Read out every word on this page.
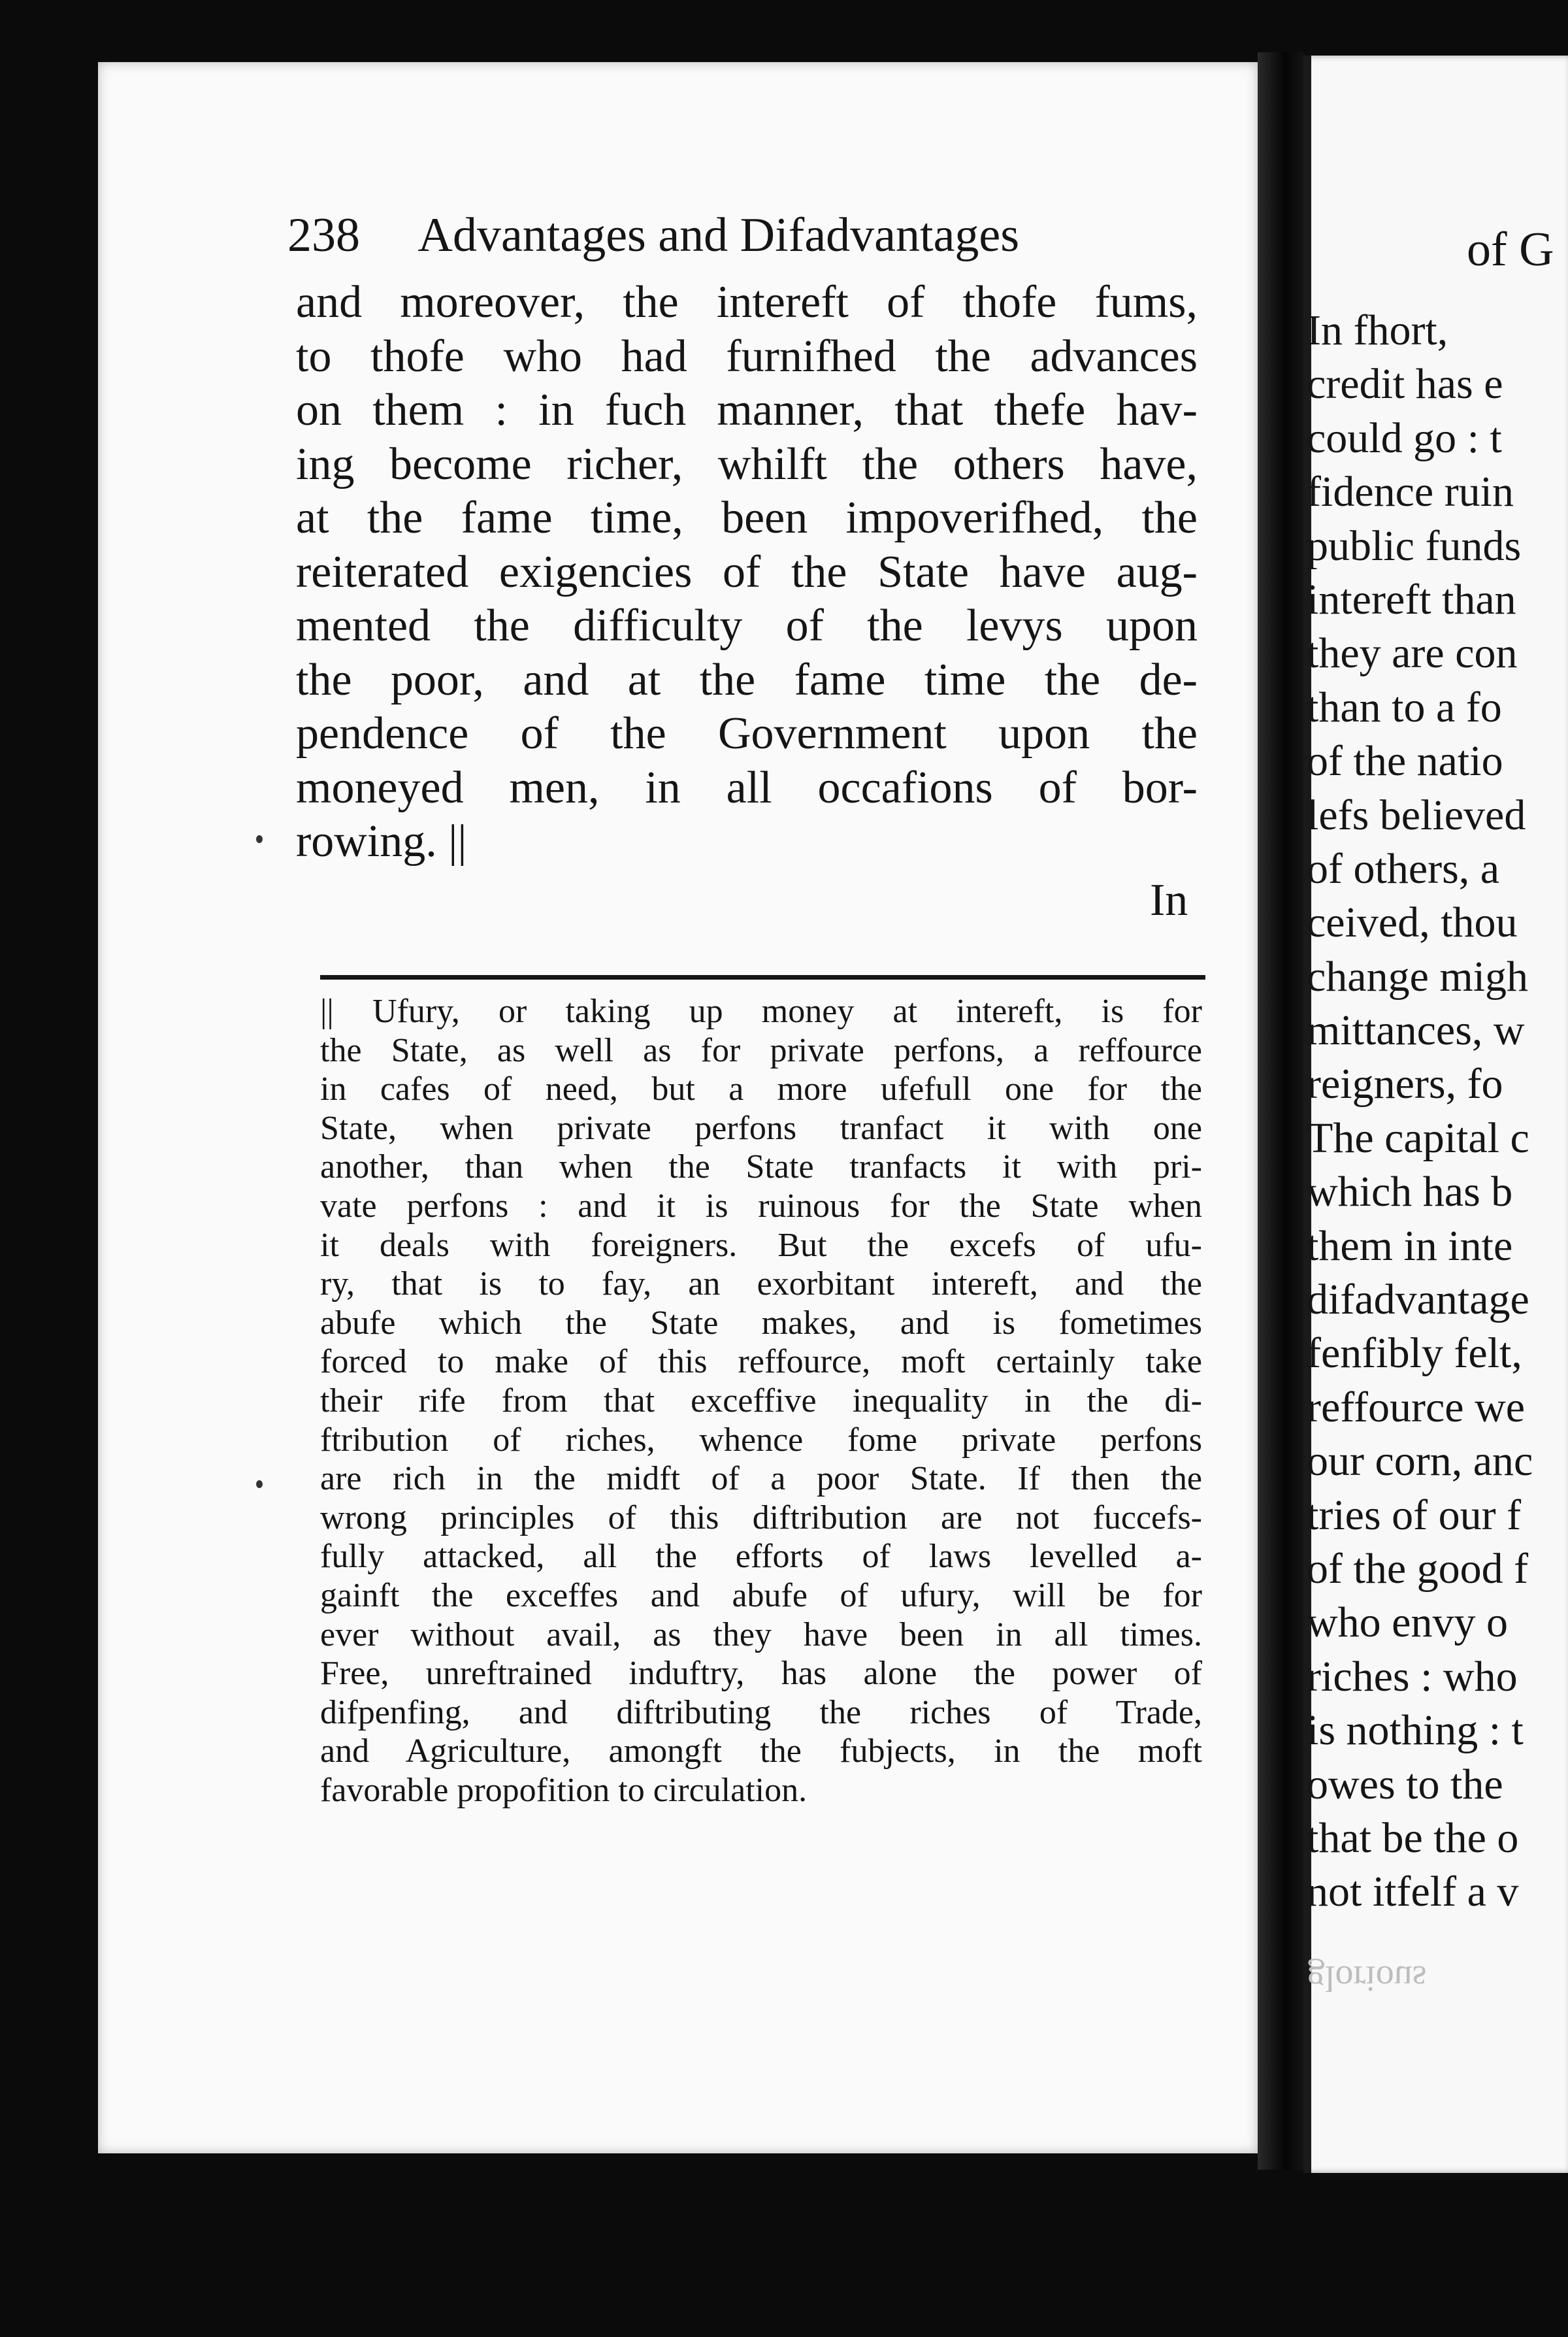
238 Advantages and Difadvantages
and moreover, the intereft of thofe fums,
to thofe who had furnifhed the advances
on them : in fuch manner, that thefe hav-
ing become richer, whilft the others have,
at the fame time, been impoverifhed, the
reiterated exigencies of the State have aug-
mented the difficulty of the levys upon
the poor, and at the fame time the de-
pendence of the Government upon the
moneyed men, in all occafions of bor-
rowing. ||
In
|| Ufury, or taking up money at intereft, is for
the State, as well as for private perfons, a reffource
in cafes of need, but a more ufefull one for the
State, when private perfons tranfact it with one
another, than when the State tranfacts it with pri-
vate perfons : and it is ruinous for the State when
it deals with foreigners. But the excefs of ufu-
ry, that is to fay, an exorbitant intereft, and the
abufe which the State makes, and is fometimes
forced to make of this reffource, moft certainly take
their rife from that exceffive inequality in the di-
ftribution of riches, whence fome private perfons
are rich in the midft of a poor State. If then the
wrong principles of this diftribution are not fuccefs-
fully attacked, all the efforts of laws levelled a-
gainft the exceffes and abufe of ufury, will be for
ever without avail, as they have been in all times.
Free, unreftrained induftry, has alone the power of
difpenfing, and diftributing the riches of Trade,
and Agriculture, amongft the fubjects, in the moft
favorable propofition to circulation.
of G
In fhort,
credit has e
could go : t
fidence ruin
public funds
intereft than
they are con
than to a fo
of the natio
lefs believed
of others, a
ceived, thou
change migh
mittances, w
reigners, fo
The capital c
which has b
them in inte
difadvantage
fenfibly felt,
reffource we
our corn, anc
tries of our f
of the good f
who envy o
riches : who
is nothing : t
owes to the
that be the o
not itfelf a v
glorious
